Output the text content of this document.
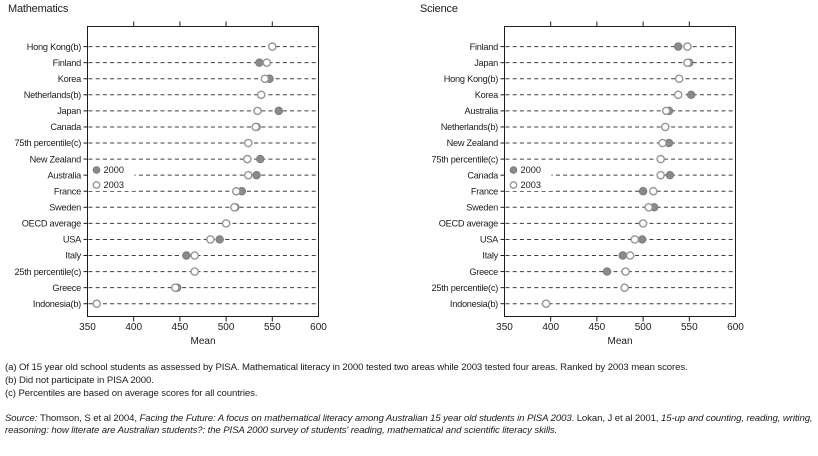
Mathematics
Hong Kong(b)
Finland
Korea
Netherlands(b)
Japan
Canada
75th percentile(c)
New Zealand
Australia
France
Sweden
OECD average
USA
Italy
25th percentile(c)
Greece
Indonesia(b)
350	400	450	500	550	600
Mean
2000
2003
Science
Finland
Japan
Hong Kong(b)
Korea
Australia
Netherlands(b)
New Zealand
75th percentile(c)
Canada
France
Sweden
OECD average
USA
Italy
Greece
25th percentile(c)
Indonesia(b)
350	400	450	500	550	600
Mean
2000
2003
(a) Of 15 year old school students as assessed by PISA. Mathematical literacy in 2000 tested two areas while 2003 tested four areas. Ranked by 2003 mean scores.
(b) Did not participate in PISA 2000.
(c) Percentiles are based on average scores for all countries.
Source: Thomson, S et al 2004, Facing the Future: A focus on mathematical literacy among Australian 15 year old students in PISA 2003. Lokan, J et al 2001, 15-up and counting, reading, writing, reasoning: how literate are Australian students?: the PISA 2000 survey of students' reading, mathematical and scientific literacy skills.
